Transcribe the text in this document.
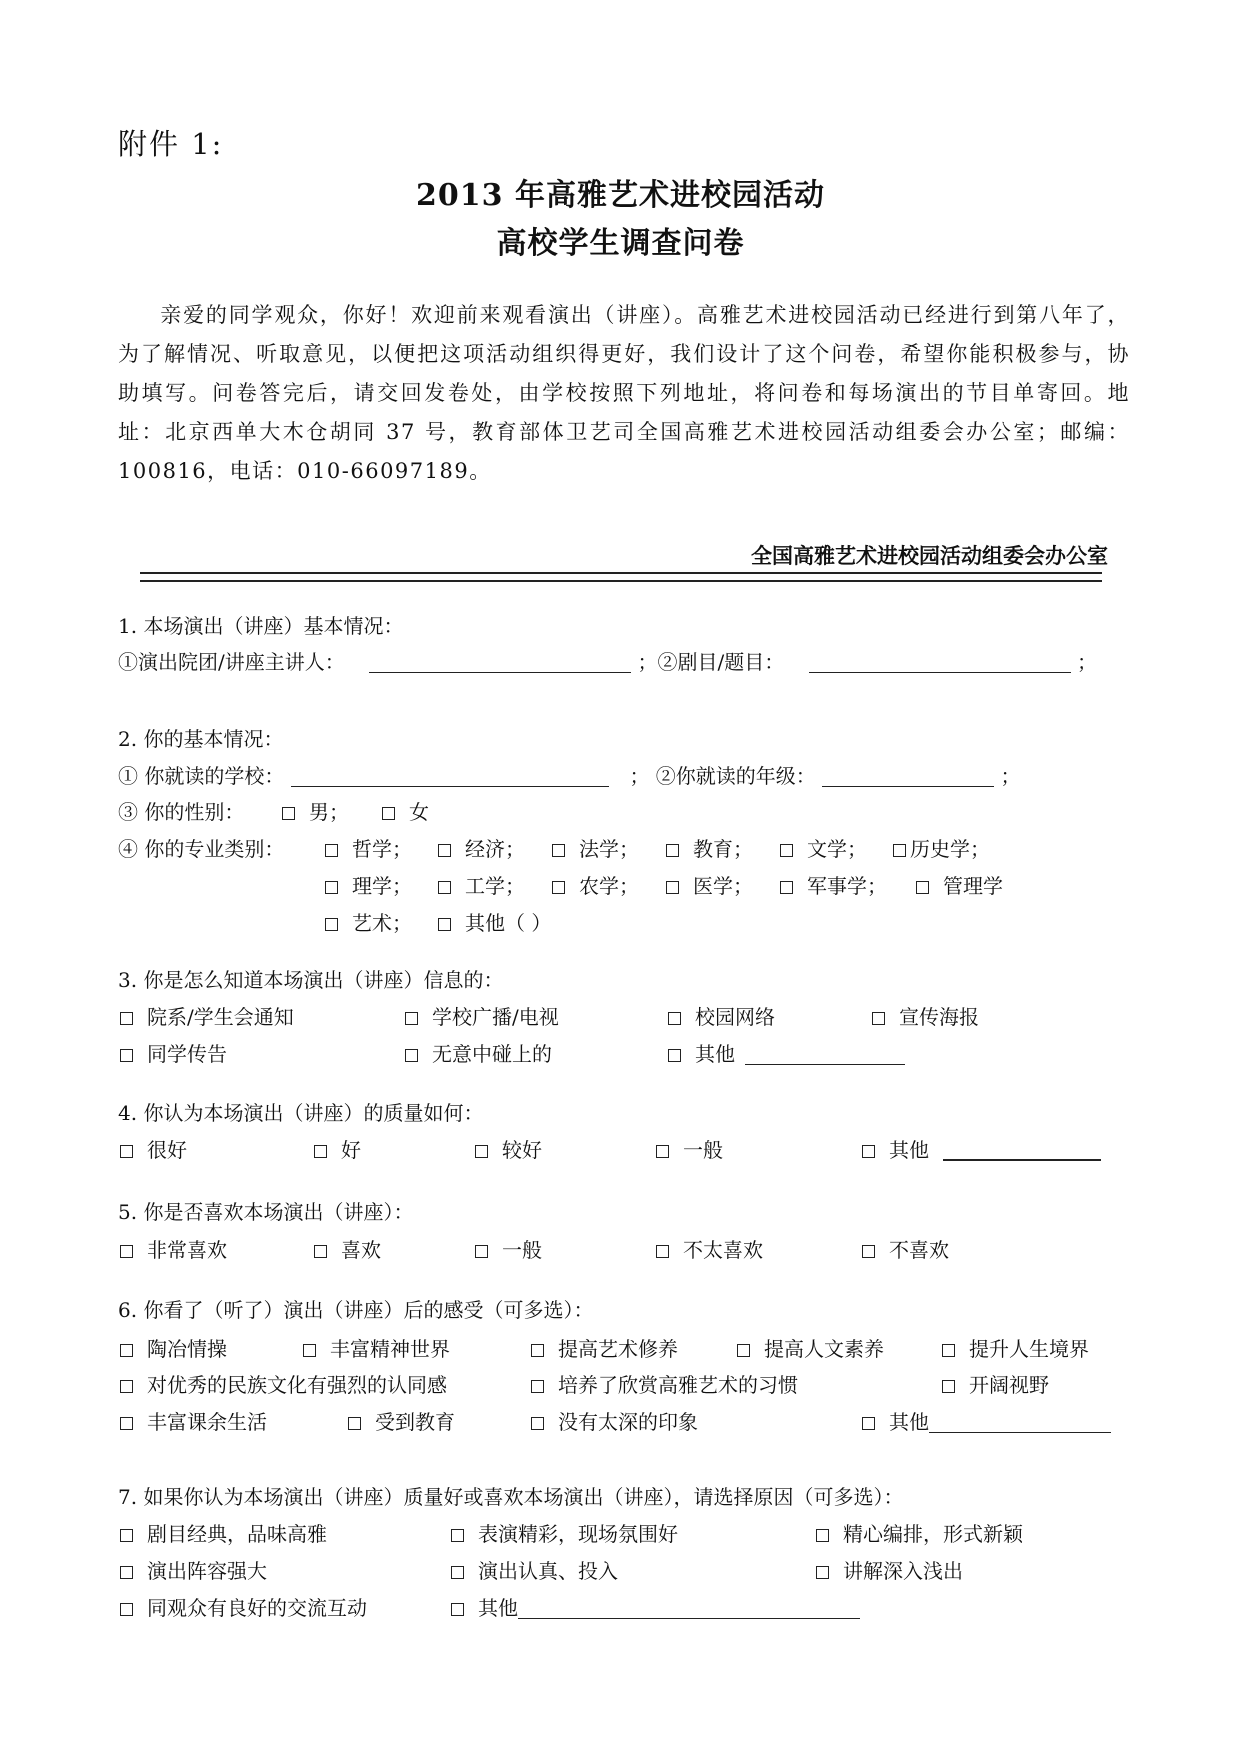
附件 1:
2013 年高雅艺术进校园活动
高校学生调查问卷
亲爱的同学观众，你好！欢迎前来观看演出（讲座）。高雅艺术进校园活动已经进行到第八年了，为了解情况、听取意见，以便把这项活动组织得更好，我们设计了这个问卷，希望你能积极参与，协助填写。问卷答完后，请交回发卷处，由学校按照下列地址，将问卷和每场演出的节目单寄回。地址：北京西单大木仓胡同 37 号，教育部体卫艺司全国高雅艺术进校园活动组委会办公室；邮编：100816，电话：010-66097189。
全国高雅艺术进校园活动组委会办公室
1. 本场演出（讲座）基本情况：
①演出院团/讲座主讲人：	；②剧目/题目：	；
2. 你的基本情况：
① 你就读的学校：	； ②你就读的年级：	；
③ 你的性别：	男；	女
④ 你的专业类别：	哲学；	经济；	法学；	教育；	文学；	历史学；
理学；	工学；	农学；	医学；	军事学；	管理学
艺术；	其他（ ）
3. 你是怎么知道本场演出（讲座）信息的：
院系/学生会通知	学校广播/电视	校园网络	宣传海报
同学传告	无意中碰上的	其他
4. 你认为本场演出（讲座）的质量如何：
很好	好	较好	一般	其他
5. 你是否喜欢本场演出（讲座）：
非常喜欢	喜欢	一般	不太喜欢	不喜欢
6. 你看了（听了）演出（讲座）后的感受（可多选）：
陶冶情操	丰富精神世界	提高艺术修养	提高人文素养	提升人生境界
对优秀的民族文化有强烈的认同感	培养了欣赏高雅艺术的习惯	开阔视野
丰富课余生活	受到教育	没有太深的印象	其他
7. 如果你认为本场演出（讲座）质量好或喜欢本场演出（讲座），请选择原因（可多选）：
剧目经典，品味高雅	表演精彩，现场氛围好	精心编排，形式新颖
演出阵容强大	演出认真、投入	讲解深入浅出
同观众有良好的交流互动	其他
